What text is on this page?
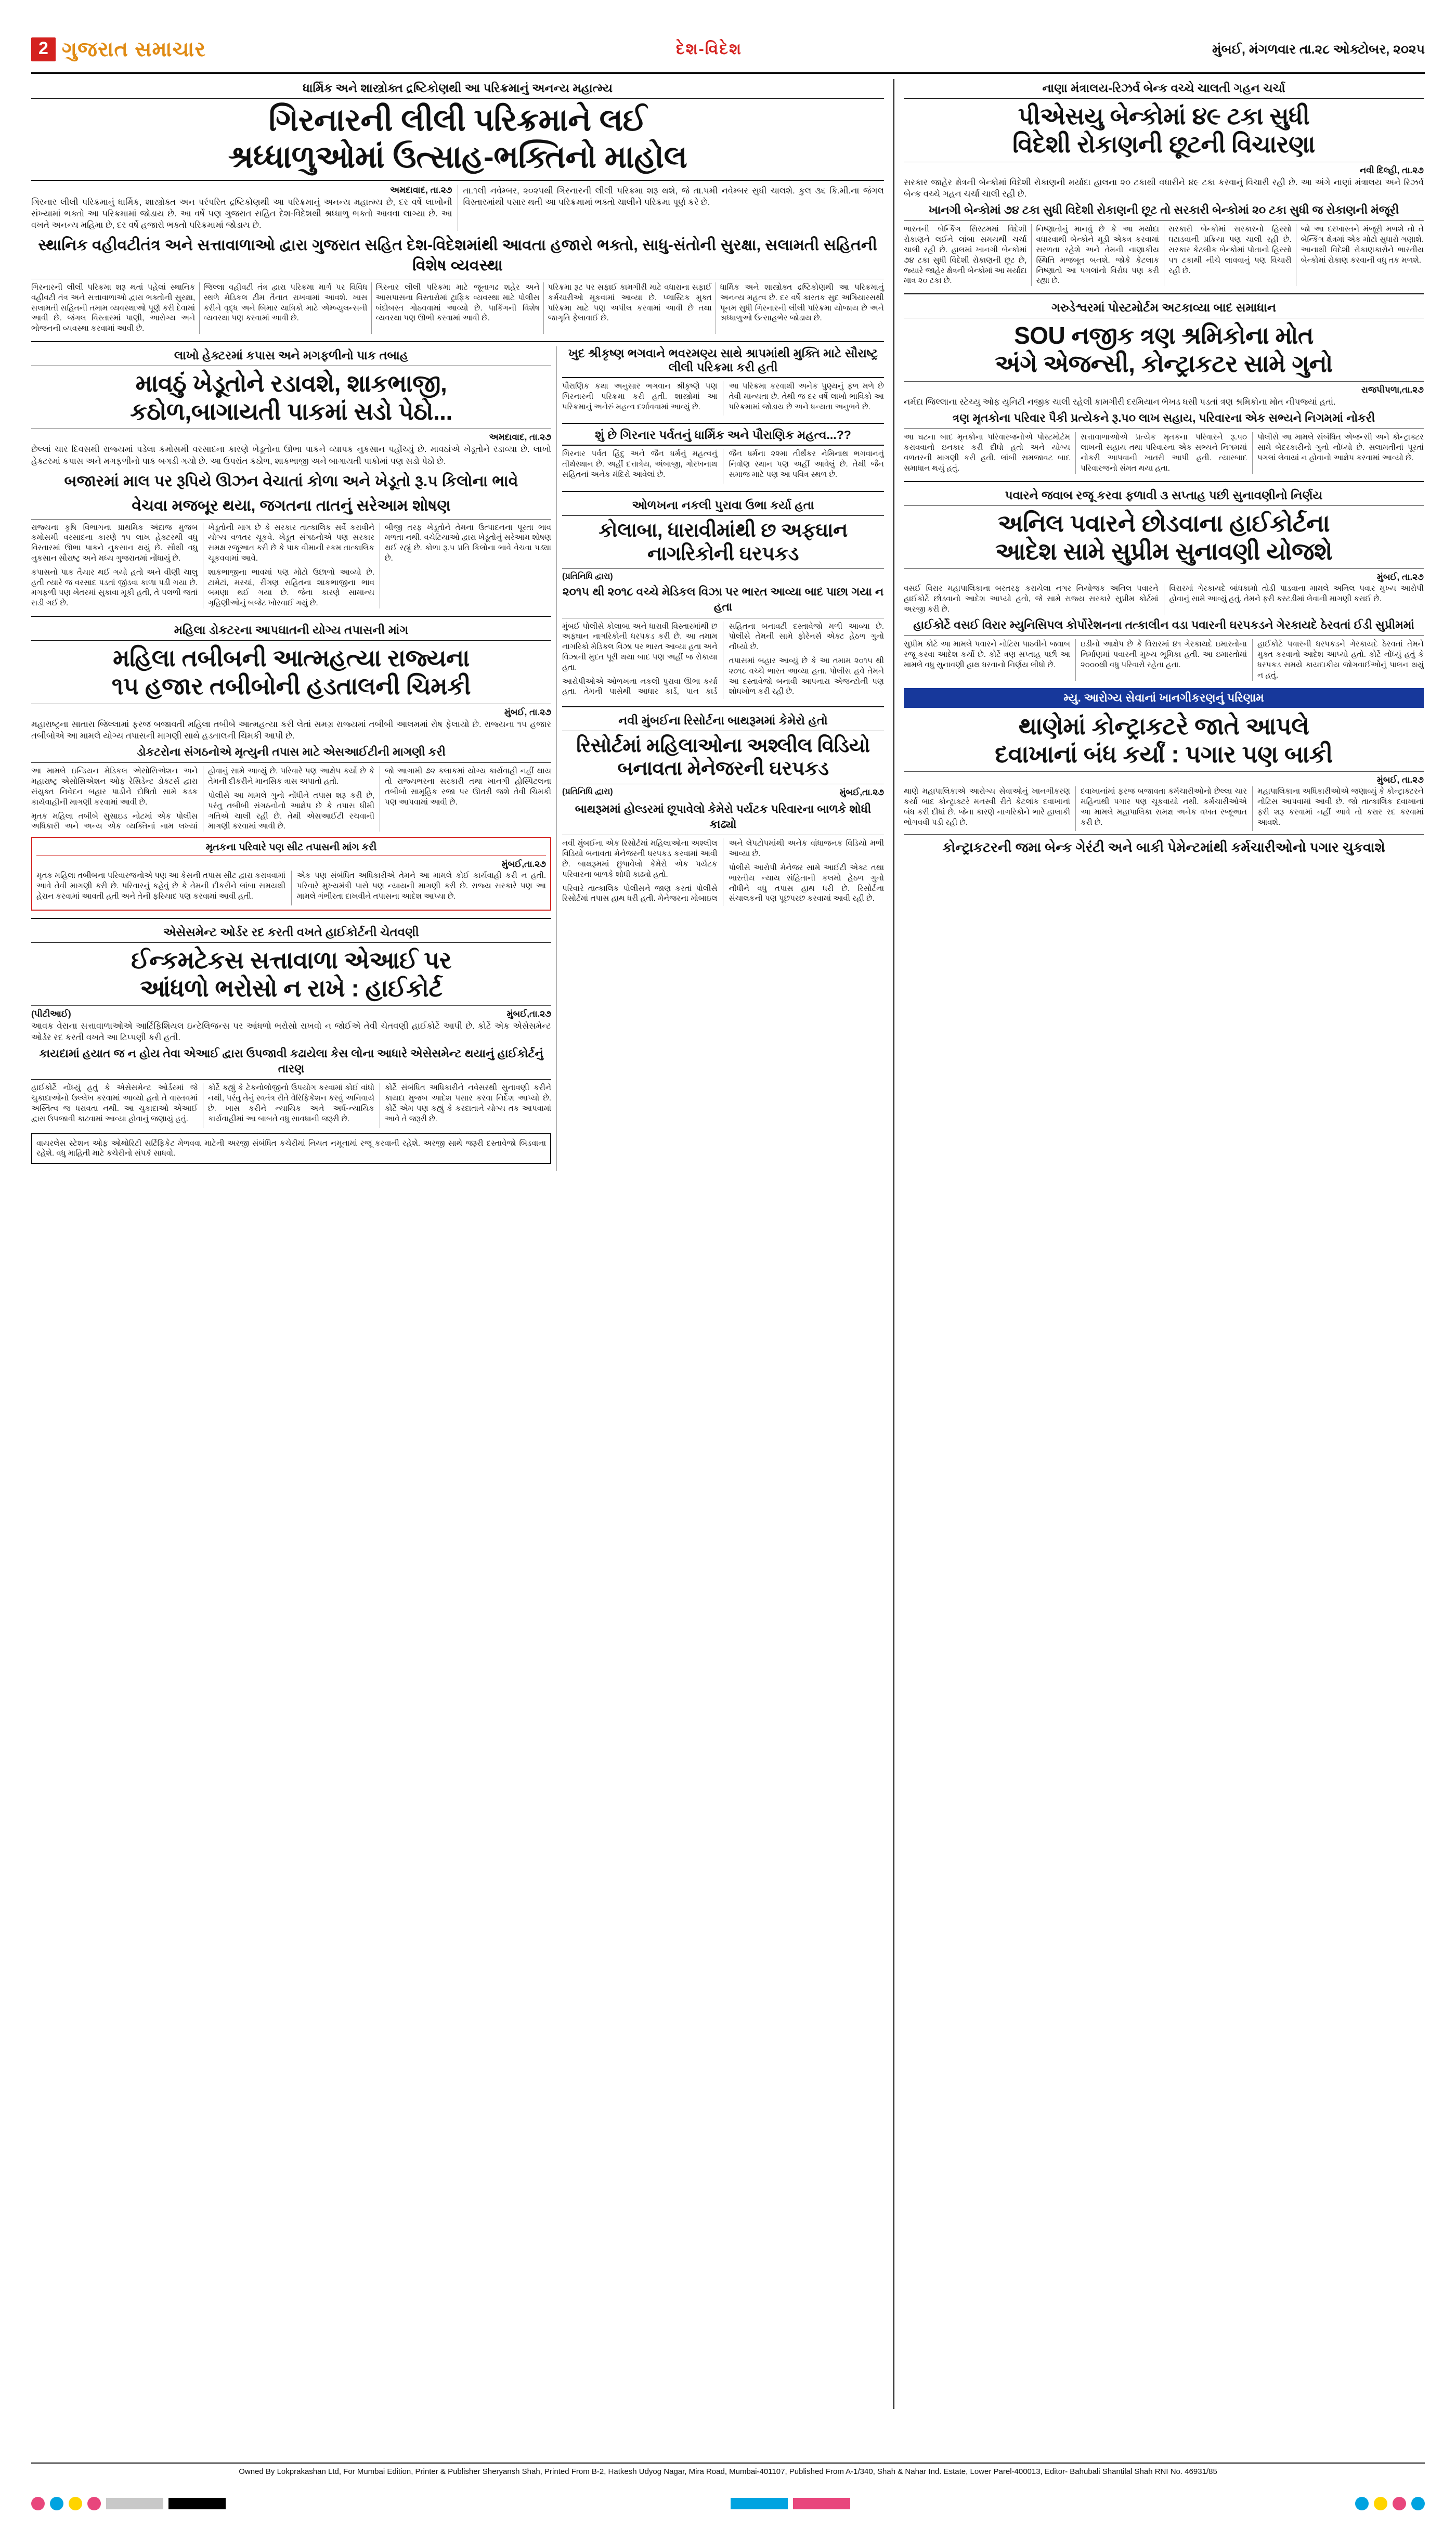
2 ગુજરાત સમાચાર	દેશ-વિદેશ	મુંબઈ, મંગળવાર તા.૨૮ ઓક્ટોબર, ૨૦૨૫
ધાર્મિક અને શાસ્ત્રોક્ત દ્રષ્ટિકોણથી આ પરિક્રમાનું અનન્ય મહાત્મ્ય
ગિરનારની લીલી પરિક્રમાને લઈ
શ્રધ્ધાળુઓમાં ઉત્સાહ-ભક્તિનો માહોલ
અમદાવાદ, તા.૨૭
ગિરનાર લીલી પરિક્રમાનું ધાર્મિક, શાસ્ત્રોક્ત અન પરંપરિત દ્રષ્ટિકોણથી આ પરિક્રમાનું અનન્ય મહાત્મ્ય છે, દર વર્ષે લાખોની સંખ્યામાં ભક્તો આ પરિક્રમામાં જોડાય છે. આ વર્ષે પણ ગુજરાત સહિત દેશ-વિદેશથી શ્રધ્ધાળુ ભક્તો આવવા લાગ્યા છે. આ વખતે અનન્ય મહિમા છે, દર વર્ષે હજારો ભક્તો પરિક્રમામાં જોડાય છે.
તા.૧લી નવેમ્બર, ૨૦૨૫થી ગિરનારની લીલી પરિક્રમા શરૂ થશે, જે તા.૫મી નવેમ્બર સુધી ચાલશે. કુલ ૩૬ કિ.મી.ના જંગલ વિસ્તારમાંથી પસાર થતી આ પરિક્રમામાં ભક્તો ચાલીને પરિક્રમા પૂર્ણ કરે છે.
સ્થાનિક વહીવટીતંત્ર અને સત્તાવાળાઓ દ્વારા ગુજરાત સહિત દેશ-વિદેશમાંથી આવતા હજારો ભક્તો, સાધુ-સંતોની સુરક્ષા, સલામતી સહિતની વિશેષ વ્યવસ્થા

ગિરનારની લીલી પરિક્રમા શરૂ થતાં પહેલાં સ્થાનિક વહીવટી તંત્ર અને સત્તાવાળાઓ દ્વારા ભક્તોની સુરક્ષા, સલામતી સહિતની તમામ વ્યવસ્થાઓ પૂર્ણ કરી દેવામાં આવી છે. જંગલ વિસ્તારમાં પાણી, આરોગ્ય અને ભોજનની વ્યવસ્થા કરવામાં આવી છે.

જિલ્લા વહીવટી તંત્ર દ્વારા પરિક્રમા માર્ગ પર વિવિધ સ્થળે મેડિકલ ટીમ તૈનાત રાખવામાં આવશે. ખાસ કરીને વૃદ્ધ અને બિમાર યાત્રિકો માટે એમ્બ્યુલન્સની વ્યવસ્થા પણ કરવામાં આવી છે.

ગિરનાર લીલી પરિક્રમા માટે જૂનાગઢ શહેર અને આસપાસના વિસ્તારોમાં ટ્રાફિક વ્યવસ્થા માટે પોલીસ બંદોબસ્ત ગોઠવવામાં આવ્યો છે. પાર્કિંગની વિશેષ વ્યવસ્થા પણ ઊભી કરવામાં આવી છે.

પરિક્રમા રૂટ પર સફાઈ કામગીરી માટે વધારાના સફાઈ કર્મચારીઓ મૂકવામાં આવ્યા છે. પ્લાસ્ટિક મુક્ત પરિક્રમા માટે પણ અપીલ કરવામાં આવી છે તથા જાગૃતિ ફેલાવાઈ છે.

ધાર્મિક અને શાસ્ત્રોક્ત દ્રષ્ટિકોણથી આ પરિક્રમાનું અનન્ય મહત્વ છે. દર વર્ષે કારતક સુદ અગિયારસથી પૂનમ સુધી ગિરનારની લીલી પરિક્રમા યોજાય છે અને શ્રધ્ધાળુઓ ઉત્સાહભેર જોડાય છે.

લાખો હેક્ટરમાં કપાસ અને મગફળીનો પાક તબાહ
માવઠું ખેડૂતોને રડાવશે, શાકભાજી,
કઠોળ,બાગાયતી પાકમાં સડો પેઠો...
અમદાવાદ, તા.૨૭
છેલ્લાં ચાર દિવસથી રાજ્યમાં પડેલા કમોસમી વરસાદના કારણે ખેડૂતોના ઊભા પાકને વ્યાપક નુકસાન પહોંચ્યું છે. માવઠાંએ ખેડૂતોને રડાવ્યા છે. લાખો હેક્ટરમાં કપાસ અને મગફળીનો પાક બગડી ગયો છે. આ ઉપરાંત કઠોળ, શાકભાજી અને બાગાયતી પાકોમાં પણ સડો પેઠો છે.
બજારમાં માલ પર રૂપિયે ઊઝન વેચાતાં કોળા અને ખેડૂતો રૂ.૫ કિલોના ભાવે
વેચવા મજબૂર થયા, જગતના તાતનું સરેઆમ શોષણ

રાજ્યના કૃષિ વિભાગના પ્રાથમિક અંદાજ મુજબ કમોસમી વરસાદના કારણે ૧૫ લાખ હેક્ટરથી વધુ વિસ્તારમાં ઊભા પાકને નુકસાન થયું છે. સૌથી વધુ નુકસાન સૌરાષ્ટ્ર અને મધ્ય ગુજરાતમાં નોંધાયું છે.

કપાસનો પાક તૈયાર થઈ ગયો હતો અને વીણી ચાલુ હતી ત્યારે જ વરસાદ પડતાં જીંડવા કાળા પડી ગયા છે. મગફળી પણ ખેતરમાં સુકાવા મૂકી હતી, તે પલળી જતાં સડી ગઈ છે.

ખેડૂતોની માગ છે કે સરકાર તાત્કાલિક સર્વે કરાવીને યોગ્ય વળતર ચૂકવે. ખેડૂત સંગઠનોએ પણ સરકાર સમક્ષ રજૂઆત કરી છે કે પાક વીમાની રકમ તાત્કાલિક ચૂકવવામાં આવે.

શાકભાજીના ભાવમાં પણ મોટો ઉછાળો આવ્યો છે. ટામેટાં, મરચાં, રીંગણ સહિતના શાકભાજીના ભાવ બમણા થઈ ગયા છે. જેના કારણે સામાન્ય ગૃહિણીઓનું બજેટ ખોરવાઈ ગયું છે.

બીજી તરફ ખેડૂતોને તેમના ઉત્પાદનના પૂરતા ભાવ મળતા નથી. વચેટિયાઓ દ્વારા ખેડૂતોનું સરેઆમ શોષણ થઈ રહ્યું છે. કોળા રૂ.૫ પ્રતિ કિલોના ભાવે વેચવા પડ્યા છે.

મહિલા ડોકટરના આપઘાતની યોગ્ય તપાસની માંગ
મહિલા તબીબની આત્મહત્યા રાજ્યના
૧૫ હજાર તબીબોની હડતાલની ચિમકી
મુંબઈ, તા.૨૭
મહારાષ્ટ્રના સાતારા જિલ્લામાં ફરજ બજાવતી મહિલા તબીબે આત્મહત્યા કરી લેતાં સમગ્ર રાજ્યમાં તબીબી આલમમાં રોષ ફેલાયો છે. રાજ્યના ૧૫ હજાર તબીબોએ આ મામલે યોગ્ય તપાસની માગણી સાથે હડતાલની ચિમકી આપી છે.
ડોકટરોના સંગઠનોએ મૃત્યુની તપાસ માટે એસઆઈટીની માગણી કરી

આ મામલે ઇન્ડિયન મેડિકલ એસોસિએશન અને મહારાષ્ટ્ર એસોસિએશન ઓફ રેસિડેન્ટ ડોક્ટર્સ દ્વારા સંયુક્ત નિવેદન બહાર પાડીને દોષિતો સામે કડક કાર્યવાહીની માગણી કરવામાં આવી છે.

મૃતક મહિલા તબીબે સુસાઇડ નોટમાં એક પોલીસ અધિકારી અને અન્ય એક વ્યક્તિનાં નામ લખ્યાં હોવાનું સામે આવ્યું છે. પરિવારે પણ આક્ષેપ કર્યો છે કે તેમની દીકરીને માનસિક ત્રાસ અપાતો હતો.

પોલીસે આ મામલે ગુનો નોંધીને તપાસ શરૂ કરી છે, પરંતુ તબીબી સંગઠનોનો આક્ષેપ છે કે તપાસ ધીમી ગતિએ ચાલી રહી છે. તેથી એસઆઈટી રચવાની માગણી કરવામાં આવી છે.

જો આગામી ૭૨ કલાકમાં યોગ્ય કાર્યવાહી નહીં થાય તો રાજ્યભરના સરકારી તથા ખાનગી હોસ્પિટલના તબીબો સામૂહિક રજા પર ઊતરી જશે તેવી ચિમકી પણ આપવામાં આવી છે.

મૃતકના પરિવારે પણ સીટ તપાસની માંગ કરી
મુંબઈ,તા.૨૭

મૃતક મહિલા તબીબના પરિવારજનોએ પણ આ કેસની તપાસ સીટ દ્વારા કરાવવામાં આવે તેવી માગણી કરી છે. પરિવારનું કહેવું છે કે તેમની દીકરીને લાંબા સમયથી હેરાન કરવામાં આવતી હતી અને તેની ફરિયાદ પણ કરવામાં આવી હતી.

એક પણ સંબંધિત અધિકારીએ તેમને આ મામલે કોઈ કાર્યવાહી કરી ન હતી. પરિવારે મુખ્યમંત્રી પાસે પણ ન્યાયની માગણી કરી છે. રાજ્ય સરકારે પણ આ મામલે ગંભીરતા દાખવીને તપાસના આદેશ આપ્યા છે.

એસેસમેન્ટ ઓર્ડર રદ કરતી વખતે હાઈકોર્ટની ચેતવણી
ઈન્કમટેકસ સત્તાવાળા એઆઈ પર
આંધળો ભરોસો ન રાખે : હાઈકોર્ટ
(પીટીઆઈ)	મુંબઈ,તા.૨૭
આવક વેરાના સત્તાવાળાઓએ આર્ટિફિશિયલ ઇન્ટેલિજન્સ પર આંધળો ભરોસો રાખવો ન જોઈએ તેવી ચેતવણી હાઈકોર્ટે આપી છે. કોર્ટે એક એસેસમેન્ટ ઓર્ડર રદ કરતી વખતે આ ટિપ્પણી કરી હતી.
કાયદામાં હયાત જ ન હોય તેવા એઆઈ દ્વારા ઉપજાવી કઢાયેલા કેસ લોના આધારે એસેસમેન્ટ થયાનું હાઈકોર્ટનું તારણ

હાઈકોર્ટે નોંધ્યું હતું કે એસેસમેન્ટ ઓર્ડરમાં જે ચુકાદાઓનો ઉલ્લેખ કરવામાં આવ્યો હતો તે વાસ્તવમાં અસ્તિત્વ જ ધરાવતા નથી. આ ચુકાદાઓ એઆઈ દ્વારા ઉપજાવી કાઢવામાં આવ્યા હોવાનું જણાયું હતું.

કોર્ટે કહ્યું કે ટેકનોલોજીનો ઉપયોગ કરવામાં કોઈ વાંધો નથી, પરંતુ તેનું સ્વતંત્ર રીતે વેરિફિકેશન કરવું અનિવાર્ય છે. ખાસ કરીને ન્યાયિક અને અર્ધ-ન્યાયિક કાર્યવાહીમાં આ બાબતે વધુ સાવધાની જરૂરી છે.

કોર્ટે સંબંધિત અધિકારીને નવેસરથી સુનાવણી કરીને કાયદા મુજબ આદેશ પસાર કરવા નિર્દેશ આપ્યો છે. કોર્ટે એમ પણ કહ્યું કે કરદાતાને યોગ્ય તક આપવામાં આવે તે જરૂરી છે.

વાયરલેસ સ્ટેશન ઓફ ઓથોરિટી સર્ટિફિકેટ મેળવવા માટેની અરજી સંબંધિત કચેરીમાં નિયત નમૂનામાં રજૂ કરવાની રહેશે. અરજી સાથે જરૂરી દસ્તાવેજો બિડવાના રહેશે. વધુ માહિતી માટે કચેરીનો સંપર્ક સાધવો.
ખુદ શ્રીકૃષ્ણ ભગવાને ભવરમણ્ય સાથે શ્રાપમાંથી મુક્તિ માટે સૌરાષ્ટ્ર લીલી પરિક્રમા કરી હતી

પૌરાણિક કથા અનુસાર ભગવાન શ્રીકૃષ્ણે પણ ગિરનારની પરિક્રમા કરી હતી. શાસ્ત્રોમાં આ પરિક્રમાનું અનેરું મહત્વ દર્શાવવામાં આવ્યું છે.

આ પરિક્રમા કરવાથી અનેક પુણ્યનું ફળ મળે છે તેવી માન્યતા છે. તેથી જ દર વર્ષે લાખો ભાવિકો આ પરિક્રમામાં જોડાય છે અને ધન્યતા અનુભવે છે.

શું છે ગિરનાર પર્વતનું ધાર્મિક અને પૌરાણિક મહત્વ...??

ગિરનાર પર્વત હિંદુ અને જૈન ધર્મનું મહત્વનું તીર્થસ્થાન છે. અહીં દત્તાત્રેય, અંબાજી, ગોરખનાથ સહિતનાં અનેક મંદિરો આવેલાં છે.

જૈન ધર્મના ૨૨મા તીર્થંકર નેમિનાથ ભગવાનનું નિર્વાણ સ્થાન પણ અહીં આવેલું છે. તેથી જૈન સમાજ માટે પણ આ પવિત્ર સ્થળ છે.

ઓળખના નકલી પુરાવા ઉભા કર્યા હતા
કોલાબા, ધારાવીમાંથી છ અફઘાન નાગરિકોની ઘરપકડ
(પ્રતિનિધિ દ્વારા)
૨૦૧૫ થી ૨૦૧૮ વચ્ચે મેડિકલ વિઝા પર ભારત આવ્યા બાદ પાછા ગયા ન હતા

મુંબઈ પોલીસે કોલાબા અને ધારાવી વિસ્તારમાંથી છ અફઘાન નાગરિકોની ધરપકડ કરી છે. આ તમામ નાગરિકો મેડિકલ વિઝા પર ભારત આવ્યા હતા અને વિઝાની મુદત પૂરી થયા બાદ પણ અહીં જ રોકાયા હતા.

આરોપીઓએ ઓળખના નકલી પુરાવા ઊભા કર્યા હતા. તેમની પાસેથી આધાર કાર્ડ, પાન કાર્ડ સહિતના બનાવટી દસ્તાવેજો મળી આવ્યા છે. પોલીસે તેમની સામે ફોરેનર્સ એક્ટ હેઠળ ગુનો નોંધ્યો છે.

તપાસમાં બહાર આવ્યું છે કે આ તમામ ૨૦૧૫ થી ૨૦૧૮ વચ્ચે ભારત આવ્યા હતા. પોલીસ હવે તેમને આ દસ્તાવેજો બનાવી આપનારા એજન્ટોની પણ શોધખોળ કરી રહી છે.

નવી મુંબઈના રિસોર્ટના બાથરૂમમાં કેમેરો હતો
રિસોર્ટમાં મહિલાઓના અશ્લીલ વિડિયો બનાવતા મેનેજરની ઘરપકડ
(પ્રતિનિધિ દ્વારા)	મુંબઈ,તા.૨૭
બાથરૂમમાં હોલ્ડરમાં છૂપાવેલો કેમેરો પર્યટક પરિવારના બાળકે શોધી કાઢ્યો

નવી મુંબઈના એક રિસોર્ટમાં મહિલાઓના અશ્લીલ વિડિયો બનાવતા મેનેજરની ધરપકડ કરવામાં આવી છે. બાથરૂમમાં છુપાવેલો કેમેરો એક પર્યટક પરિવારના બાળકે શોધી કાઢ્યો હતો.

પરિવારે તાત્કાલિક પોલીસને જાણ કરતાં પોલીસે રિસોર્ટમાં તપાસ હાથ ધરી હતી. મેનેજરના મોબાઇલ અને લેપટોપમાંથી અનેક વાંધાજનક વિડિયો મળી આવ્યા છે.

પોલીસે આરોપી મેનેજર સામે આઈટી એક્ટ તથા ભારતીય ન્યાય સંહિતાની કલમો હેઠળ ગુનો નોંધીને વધુ તપાસ હાથ ધરી છે. રિસોર્ટના સંચાલકની પણ પૂછપરછ કરવામાં આવી રહી છે.

નાણા મંત્રાલય-રિઝર્વ બેન્ક વચ્ચે ચાલતી ગહન ચર્ચા
પીએસયુ બેન્કોમાં ૪૯ ટકા સુધી
વિદેશી રોકાણની છૂટની વિચારણા
નવી દિલ્હી, તા.૨૭
સરકાર જાહેર ક્ષેત્રની બેન્કોમાં વિદેશી રોકાણની મર્યાદા હાલના ૨૦ ટકાથી વધારીને ૪૯ ટકા કરવાનું વિચારી રહી છે. આ અંગે નાણાં મંત્રાલય અને રિઝર્વ બેન્ક વચ્ચે ગહન ચર્ચા ચાલી રહી છે.
ખાનગી બેન્કોમાં ૭૪ ટકા સુધી વિદેશી રોકાણની છૂટ તો સરકારી બેન્કોમાં ૨૦ ટકા સુધી જ રોકાણની મંજૂરી

ભારતની બેન્કિંગ સિસ્ટમમાં વિદેશી રોકાણને લઈને લાંબા સમયથી ચર્ચા ચાલી રહી છે. હાલમાં ખાનગી બેન્કોમાં ૭૪ ટકા સુધી વિદેશી રોકાણની છૂટ છે, જ્યારે જાહેર ક્ષેત્રની બેન્કોમાં આ મર્યાદા માત્ર ૨૦ ટકા છે.

નિષ્ણાતોનું માનવું છે કે આ મર્યાદા વધારવાથી બેન્કોને મૂડી એકત્ર કરવામાં સરળતા રહેશે અને તેમની નાણાકીય સ્થિતિ મજબૂત બનશે. જોકે કેટલાક નિષ્ણાતો આ પગલાંનો વિરોધ પણ કરી રહ્યા છે.

સરકારી બેન્કોમાં સરકારનો હિસ્સો ઘટાડવાની પ્રક્રિયા પણ ચાલી રહી છે. સરકાર કેટલીક બેન્કોમાં પોતાનો હિસ્સો ૫૧ ટકાથી નીચે લાવવાનું પણ વિચારી રહી છે.

જો આ દરખાસ્તને મંજૂરી મળશે તો તે બેન્કિંગ ક્ષેત્રમાં એક મોટો સુધારો ગણાશે. આનાથી વિદેશી રોકાણકારોને ભારતીય બેન્કોમાં રોકાણ કરવાની વધુ તક મળશે.

ગરુડેશ્વરમાં પોસ્ટમોર્ટમ અટકાવ્યા બાદ સમાધાન
SOU નજીક ત્રણ શ્રમિકોના મોત
અંગે એજન્સી, કોન્ટ્રાકટર સામે ગુનો
રાજપીપળા,તા.૨૭
નર્મદા જિલ્લાના સ્ટેચ્યુ ઓફ યુનિટી નજીક ચાલી રહેલી કામગીરી દરમિયાન ભેખડ ધસી પડતાં ત્રણ શ્રમિકોના મોત નીપજ્યાં હતાં.
ત્રણ મૃતકોના પરિવાર પૈકી પ્રત્યેકને રૂ.૫૦ લાખ સહાય, પરિવારના એક સભ્યને નિગમમાં નોકરી

આ ઘટના બાદ મૃતકોના પરિવારજનોએ પોસ્ટમોર્ટમ કરાવવાનો ઇનકાર કરી દીધો હતો અને યોગ્ય વળતરની માગણી કરી હતી. લાંબી સમજાવટ બાદ સમાધાન થયું હતું.

સત્તાવાળાઓએ પ્રત્યેક મૃતકના પરિવારને રૂ.૫૦ લાખની સહાય તથા પરિવારના એક સભ્યને નિગમમાં નોકરી આપવાની ખાતરી આપી હતી. ત્યારબાદ પરિવારજનો સંમત થયા હતા.

પોલીસે આ મામલે સંબંધિત એજન્સી અને કોન્ટ્રાક્ટર સામે બેદરકારીનો ગુનો નોંધ્યો છે. સલામતીનાં પૂરતાં પગલાં લેવાયાં ન હોવાનો આક્ષેપ કરવામાં આવ્યો છે.

પવારને જવાબ રજૂ કરવા ફળાવી ૩ સપ્તાહ પછી સુનાવણીનો નિર્ણય
અનિલ પવારને છોડવાના હાઈકોર્ટના
આદેશ સામે સુપ્રીમ સુનાવણી યોજશે
મુંબઈ, તા.૨૭
વસઈ વિરાર મહાપાલિકાના બરતરફ કરાયેલા નગર નિયોજક અનિલ પવારને હાઈકોર્ટે છોડવાનો આદેશ આપ્યો હતો, જે સામે રાજ્ય સરકારે સુપ્રીમ કોર્ટમાં અરજી કરી છે.
વિરારમાં ગેરકાયદે બાંધકામો તોડી પાડવાના મામલે અનિલ પવાર મુખ્ય આરોપી હોવાનું સામે આવ્યું હતું. તેમને ફરી કસ્ટડીમાં લેવાની માગણી કરાઈ છે.
હાઈકોર્ટે વસઈ વિરાર મ્યુનિસિપલ કોર્પોરેશનના તત્કાલીન વડા પવારની ઘરપકડને ગેરકાયદે ઠેરવતાં ઈડી સુપ્રીમમાં

સુપ્રીમ કોર્ટે આ મામલે પવારને નોટિસ પાઠવીને જવાબ રજૂ કરવા આદેશ કર્યો છે. કોર્ટે ત્રણ સપ્તાહ પછી આ મામલે વધુ સુનાવણી હાથ ધરવાનો નિર્ણય લીધો છે.

ઇડીનો આક્ષેપ છે કે વિરારમાં ૪૧ ગેરકાયદે ઇમારતોના નિર્માણમાં પવારની મુખ્ય ભૂમિકા હતી. આ ઇમારતોમાં ૨૦૦૦થી વધુ પરિવારો રહેતા હતા.

હાઈકોર્ટે પવારની ધરપકડને ગેરકાયદે ઠેરવતાં તેમને મુક્ત કરવાનો આદેશ આપ્યો હતો. કોર્ટે નોંધ્યું હતું કે ધરપકડ સમયે કાયદાકીય જોગવાઈઓનું પાલન થયું ન હતું.

મ્યુ. આરોગ્ય સેવાનાં ખાનગીકરણનું પરિણામ
થાણેમાં કોન્ટ્રાકટરે જાતે આપલે
દવાખાનાં બંધ કર્યાં : પગાર પણ બાકી
મુંબઈ, તા.૨૭

થાણે મહાપાલિકાએ આરોગ્ય સેવાઓનું ખાનગીકરણ કર્યા બાદ કોન્ટ્રાક્ટરે મનસ્વી રીતે કેટલાંક દવાખાનાં બંધ કરી દીધાં છે. જેના કારણે નાગરિકોને ભારે હાલાકી ભોગવવી પડી રહી છે.

દવાખાનાંમાં ફરજ બજાવતા કર્મચારીઓનો છેલ્લા ચાર મહિનાથી પગાર પણ ચૂકવાયો નથી. કર્મચારીઓએ આ મામલે મહાપાલિકા સમક્ષ અનેક વખત રજૂઆત કરી છે.

મહાપાલિકાના અધિકારીઓએ જણાવ્યું કે કોન્ટ્રાક્ટરને નોટિસ આપવામાં આવી છે. જો તાત્કાલિક દવાખાનાં ફરી શરૂ કરવામાં નહીં આવે તો કરાર રદ કરવામાં આવશે.

કોન્ટ્રાકટરની જમા બેન્ક ગેરંટી અને બાકી પેમેન્ટમાંથી કર્મચારીઓનો પગાર ચુકવાશે
Owned By Lokprakashan Ltd, For Mumbai Edition, Printer & Publisher Sheryansh Shah, Printed From B-2, Hatkesh Udyog Nagar, Mira Road, Mumbai-401107, Published From A-1/340, Shah & Nahar Ind. Estate, Lower Parel-400013, Editor- Bahubali Shantilal Shah RNI No. 46931/85
